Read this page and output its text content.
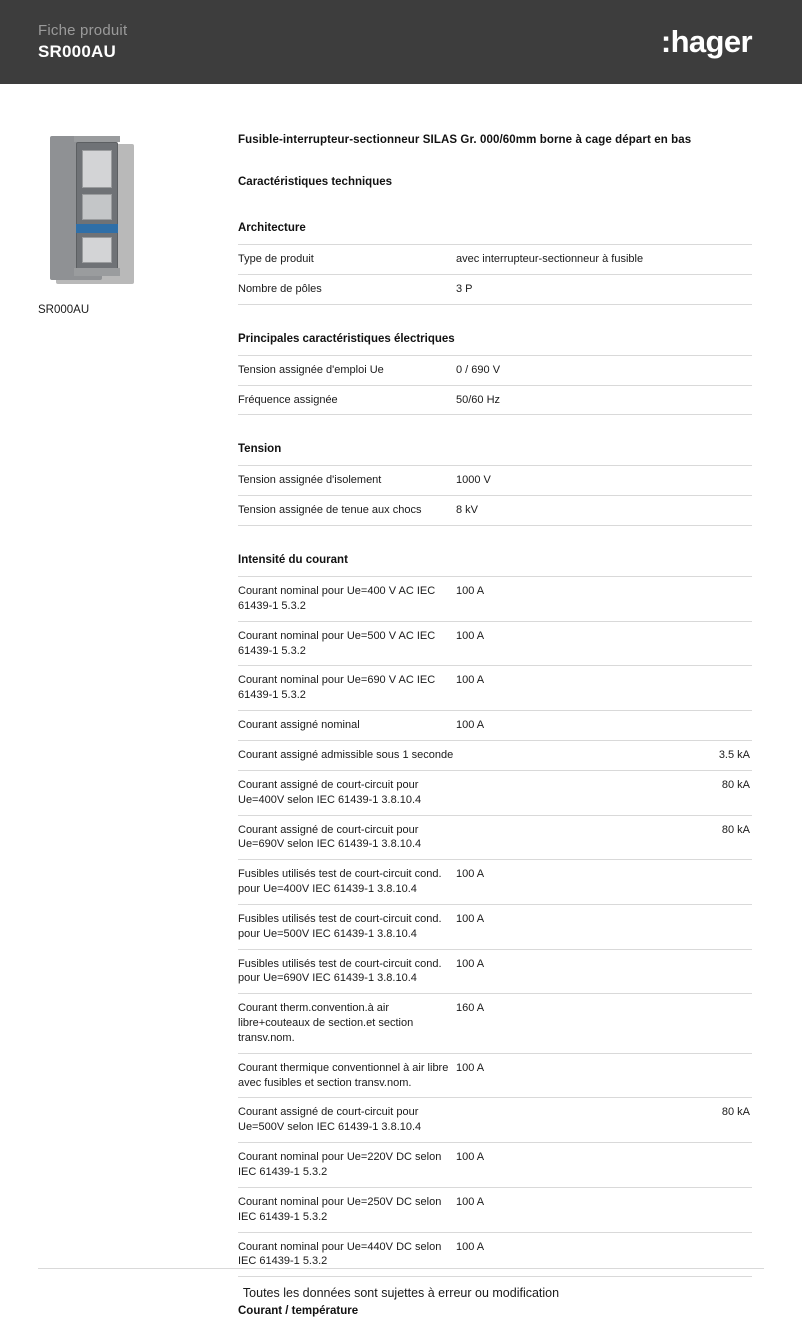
Fiche produit
SR000AU	:hager
SR000AU
Fusible-interrupteur-sectionneur SILAS Gr. 000/60mm borne à cage départ en bas
Caractéristiques techniques
Architecture
Type de produit	avec interrupteur-sectionneur à fusible
Nombre de pôles	3 P
Principales caractéristiques électriques
Tension assignée d'emploi Ue	0 / 690 V
Fréquence assignée	50/60 Hz
Tension
Tension assignée d'isolement	1000 V
Tension assignée de tenue aux chocs	8 kV
Intensité du courant
Courant nominal pour Ue=400 V AC IEC 61439-1 5.3.2	100 A
Courant nominal pour Ue=500 V AC IEC 61439-1 5.3.2	100 A
Courant nominal pour Ue=690 V AC IEC 61439-1 5.3.2	100 A
Courant assigné nominal	100 A
Courant assigné admissible sous 1 seconde	3.5 kA
Courant assigné de court-circuit pour Ue=400V selon IEC 61439-1 3.8.10.4	80 kA
Courant assigné de court-circuit pour Ue=690V selon IEC 61439-1 3.8.10.4	80 kA
Fusibles utilisés test de court-circuit cond. pour Ue=400V IEC 61439-1 3.8.10.4	100 A
Fusibles utilisés test de court-circuit cond. pour Ue=500V IEC 61439-1 3.8.10.4	100 A
Fusibles utilisés test de court-circuit cond. pour Ue=690V IEC 61439-1 3.8.10.4	100 A
Courant therm.convention.à air libre+couteaux de section.et section transv.nom.	160 A
Courant thermique conventionnel à air libre avec fusibles et section transv.nom.	100 A
Courant assigné de court-circuit pour Ue=500V selon IEC 61439-1 3.8.10.4	80 kA
Courant nominal pour Ue=220V DC selon IEC 61439-1 5.3.2	100 A
Courant nominal pour Ue=250V DC selon IEC 61439-1 5.3.2	100 A
Courant nominal pour Ue=440V DC selon IEC 61439-1 5.3.2	100 A
Courant / température
Toutes les données sont sujettes à erreur ou modification
